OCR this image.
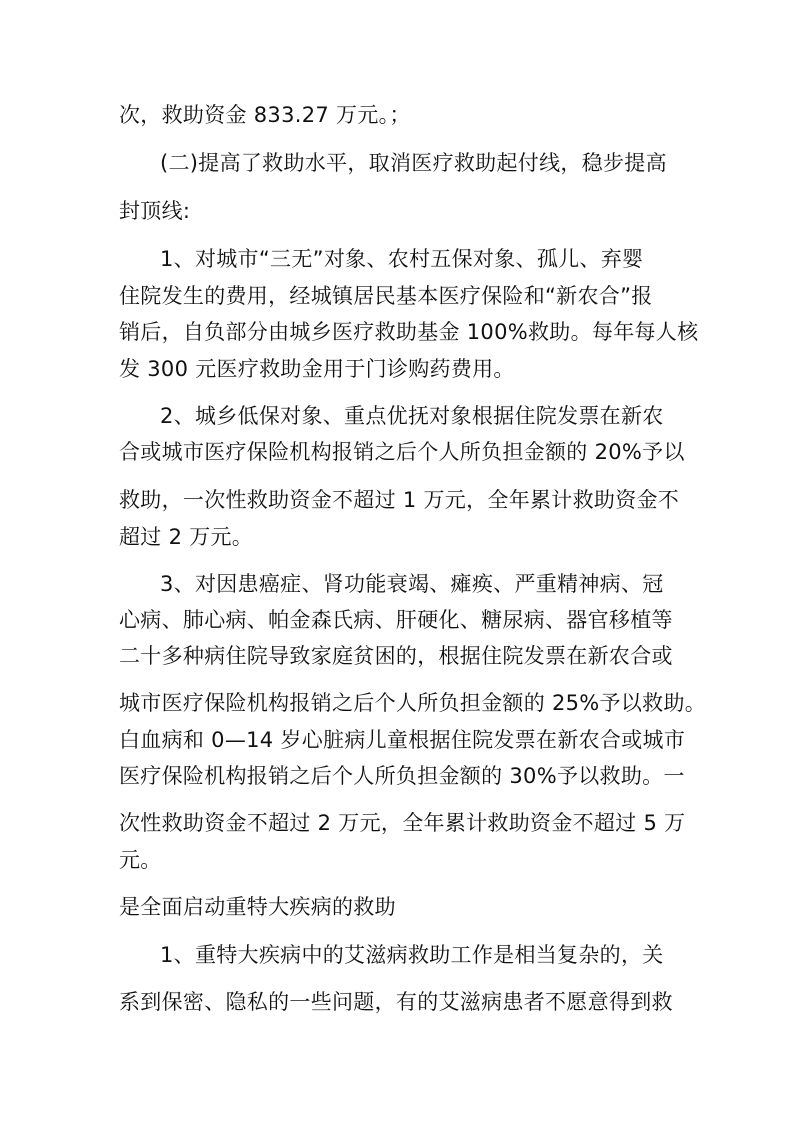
次，救助资金 833.27 万元。；
(二)提高了救助水平，取消医疗救助起付线，稳步提高
封顶线:
1、对城市“三无”对象、农村五保对象、孤儿、弃婴
住院发生的费用，经城镇居民基本医疗保险和“新农合”报
销后，自负部分由城乡医疗救助基金 100%救助。每年每人核
发 300 元医疗救助金用于门诊购药费用。
2、城乡低保对象、重点优抚对象根据住院发票在新农
合或城市医疗保险机构报销之后个人所负担金额的 20%予以
救助，一次性救助资金不超过 1 万元，全年累计救助资金不
超过 2 万元。
3、对因患癌症、肾功能衰竭、瘫痪、严重精神病、冠
心病、肺心病、帕金森氏病、肝硬化、糖尿病、器官移植等
二十多种病住院导致家庭贫困的，根据住院发票在新农合或
城市医疗保险机构报销之后个人所负担金额的 25%予以救助。
白血病和 0—14 岁心脏病儿童根据住院发票在新农合或城市
医疗保险机构报销之后个人所负担金额的 30%予以救助。一
次性救助资金不超过 2 万元，全年累计救助资金不超过 5 万
元。
是全面启动重特大疾病的救助
1、重特大疾病中的艾滋病救助工作是相当复杂的，关
系到保密、隐私的一些问题，有的艾滋病患者不愿意得到救
